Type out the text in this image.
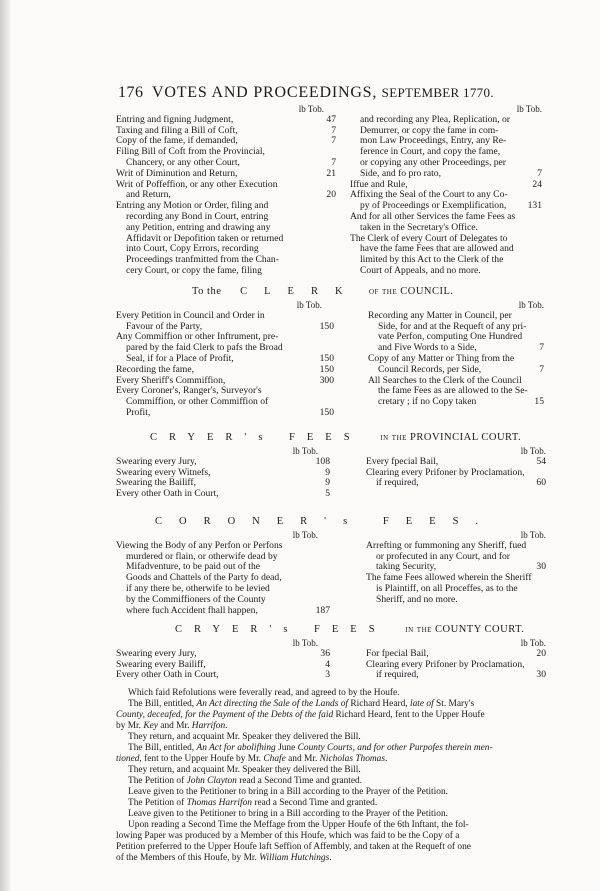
176 VOTES AND PROCEEDINGS, SEPTEMBER 1770.
lb Tob.
Entring and figning Judgment,	47
Taxing and filing a Bill of Coft,	7
Copy of the fame, if demanded,	7
Filing Bill of Coft from the Provincial,
Chancery, or any other Court,	7
Writ of Diminution and Return,	21
Writ of Poffeffion, or any other Execution
and Return,	20
Entring any Motion or Order, filing and
recording any Bond in Court, entring
any Petition, entring and drawing any
Affidavit or Depofition taken or returned
into Court, Copy Errors, recording
Proceedings tranfmitted from the Chan-
cery Court, or copy the fame, filing
lb Tob.
and recording any Plea, Replication, or
Demurrer, or copy the fame in com-
mon Law Proceedings, Entry, any Re-
ference in Court, and copy the fame,
or copying any other Proceedings, per
Side, and fo pro rato,	7
Iffue and Rule,	24
Affixing the Seal of the Court to any Co-
py of Proceedings or Exemplification,	131
And for all other Services the fame Fees as
taken in the Secretary's Office.
The Clerk of every Court of Delegates to
have the fame Fees that are allowed and
limited by this Act to the Clerk of the
Court of Appeals, and no more.
To the CLERK of the COUNCIL.
lb Tob.
Every Petition in Council and Order in
Favour of the Party,	150
Any Commiffion or other Inftrument, pre-
pared by the faid Clerk to pafs the Broad
Seal, if for a Place of Profit,	150
Recording the fame,	150
Every Sheriff's Commiffion,	300
Every Coroner's, Ranger's, Surveyor's
Commiffion, or other Commiffion of
Profit,	150
lb Tob.
Recording any Matter in Council, per
Side, for and at the Requeft of any pri-
vate Perfon, computing One Hundred
and Five Words to a Side,	7
Copy of any Matter or Thing from the
Council Records, per Side,	7
All Searches to the Clerk of the Council
the fame Fees as are allowed to the Se-
cretary ; if no Copy taken	15
CRYER's FEES in the PROVINCIAL COURT.
lb Tob.
Swearing every Jury,	108
Swearing every Witnefs,	9
Swearing the Bailiff,	9
Every other Oath in Court,	5
lb Tob.
Every fpecial Bail,	54
Clearing every Prifoner by Proclamation,
if required,	60
CORONER's FEES.
lb Tob.
Viewing the Body of any Perfon or Perfons
murdered or flain, or otherwife dead by
Mifadventure, to be paid out of the
Goods and Chattels of the Party fo dead,
if any there be, otherwife to be levied
by the Commiffioners of the County
where fuch Accident fhall happen,	187
lb Tob.
Arrefting or fummoning any Sheriff, fued
or profecuted in any Court, and for
taking Security,	30
The fame Fees allowed wherein the Sheriff
is Plaintiff, on all Proceffes, as to the
Sheriff, and no more.
CRYER's FEES in the COUNTY COURT.
lb Tob.
Swearing every Jury,	36
Swearing every Bailiff,	4
Every other Oath in Court,	3
lb Tob.
For fpecial Bail,	20
Clearing every Prifoner by Proclamation,
if required,	30

Which faid Refolutions were feverally read, and agreed to by the Houfe.

The Bill, entitled, An Act directing the Sale of the Lands of Richard Heard, late of St. Mary's

County, deceafed, for the Payment of the Debts of the faid Richard Heard, fent to the Upper Houfe

by Mr. Key and Mr. Harrifon.

They return, and acquaint Mr. Speaker they delivered the Bill.

The Bill, entitled, An Act for abolifhing June County Courts, and for other Purpofes therein men-

tioned, fent to the Upper Houfe by Mr. Chafe and Mr. Nicholas Thomas.

They return, and acquaint Mr. Speaker they delivered the Bill.

The Petition of John Clayton read a Second Time and granted.

Leave given to the Petitioner to bring in a Bill according to the Prayer of the Petition.

The Petition of Thomas Harrifon read a Second Time and granted.

Leave given to the Petitioner to bring in a Bill according to the Prayer of the Petition.

Upon reading a Second Time the Meffage from the Upper Houfe of the 6th Inftant, the fol-

lowing Paper was produced by a Member of this Houfe, which was faid to be the Copy of a

Petition preferred to the Upper Houfe laft Seffion of Affembly, and taken at the Requeft of one

of the Members of this Houfe, by Mr. William Hutchings.
